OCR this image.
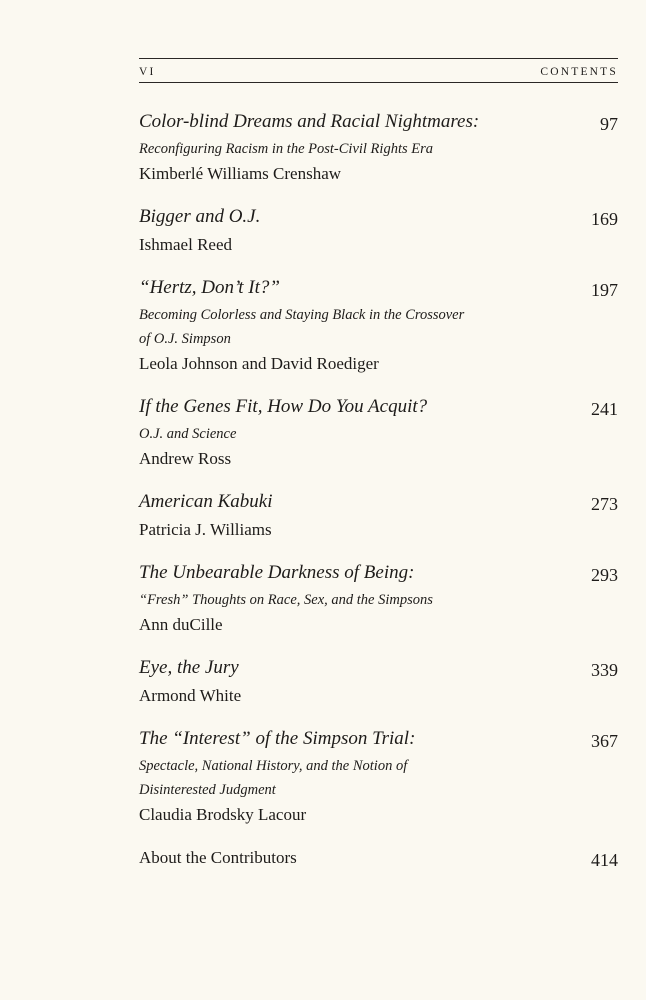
VI	CONTENTS
Color-blind Dreams and Racial Nightmares:
Reconfiguring Racism in the Post-Civil Rights Era
Kimberlé Williams Crenshaw
97
Bigger and O.J.
Ishmael Reed
169
“Hertz, Don’t It?”
Becoming Colorless and Staying Black in the Crossover
of O.J. Simpson
Leola Johnson and David Roediger
197
If the Genes Fit, How Do You Acquit?
O.J. and Science
Andrew Ross
241
American Kabuki
Patricia J. Williams
273
The Unbearable Darkness of Being:
“Fresh” Thoughts on Race, Sex, and the Simpsons
Ann duCille
293
Eye, the Jury
Armond White
339
The “Interest” of the Simpson Trial:
Spectacle, National History, and the Notion of
Disinterested Judgment
Claudia Brodsky Lacour
367
About the Contributors	414
